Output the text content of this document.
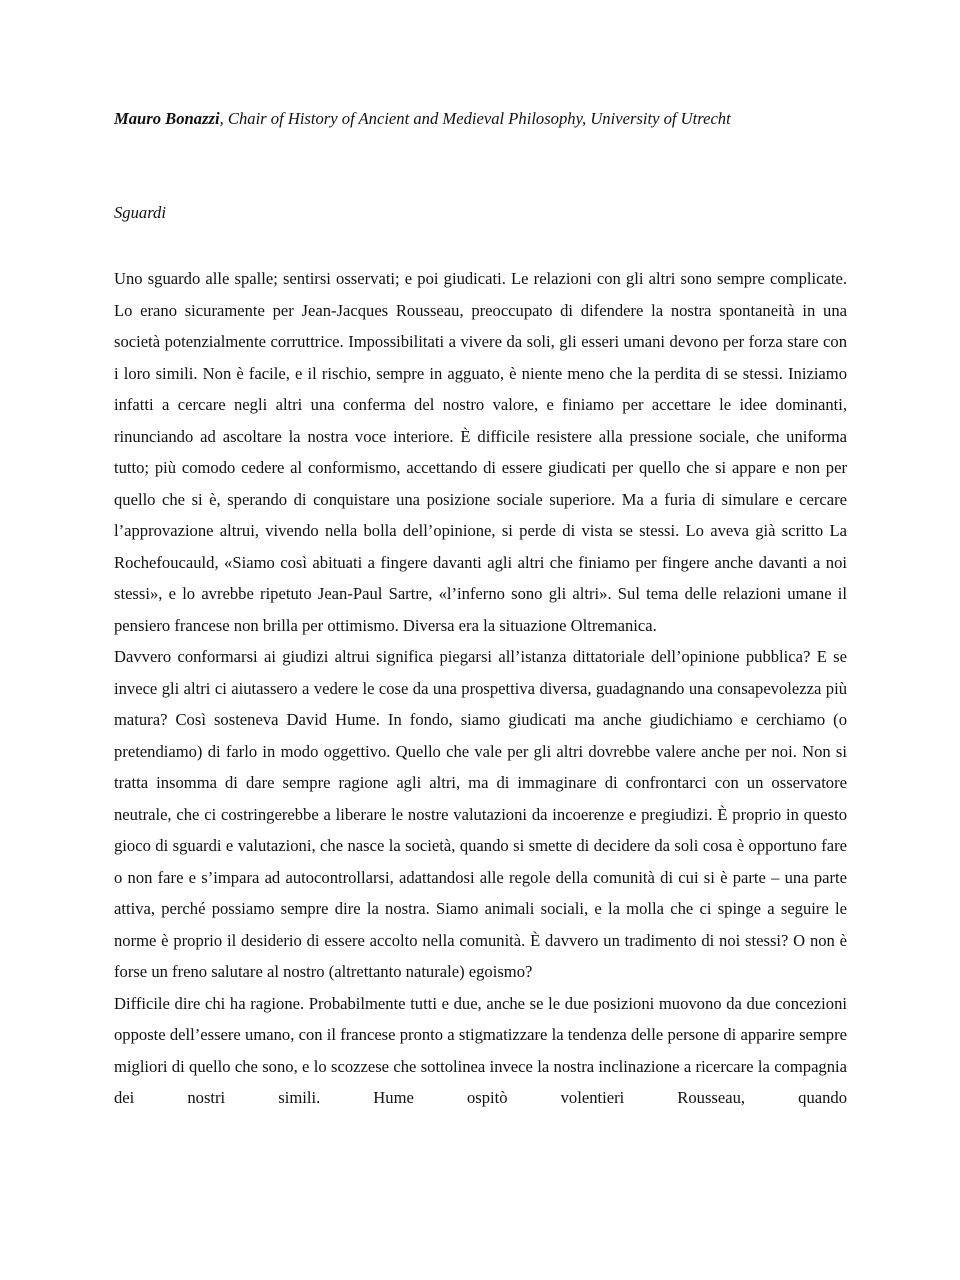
Mauro Bonazzi, Chair of History of Ancient and Medieval Philosophy, University of Utrecht
Sguardi

Uno sguardo alle spalle; sentirsi osservati; e poi giudicati. Le relazioni con gli altri sono sempre complicate. Lo erano sicuramente per Jean-Jacques Rousseau, preoccupato di difendere la nostra spontaneità in una società potenzialmente corruttrice. Impossibilitati a vivere da soli, gli esseri umani devono per forza stare con i loro simili. Non è facile, e il rischio, sempre in agguato, è niente meno che la perdita di se stessi. Iniziamo infatti a cercare negli altri una conferma del nostro valore, e finiamo per accettare le idee dominanti, rinunciando ad ascoltare la nostra voce interiore. È difficile resistere alla pressione sociale, che uniforma tutto; più comodo cedere al conformismo, accettando di essere giudicati per quello che si appare e non per quello che si è, sperando di conquistare una posizione sociale superiore. Ma a furia di simulare e cercare l’approvazione altrui, vivendo nella bolla dell’opinione, si perde di vista se stessi. Lo aveva già scritto La Rochefoucauld, «Siamo così abituati a fingere davanti agli altri che finiamo per fingere anche davanti a noi stessi», e lo avrebbe ripetuto Jean-Paul Sartre, «l’inferno sono gli altri». Sul tema delle relazioni umane il pensiero francese non brilla per ottimismo. Diversa era la situazione Oltremanica.

Davvero conformarsi ai giudizi altrui significa piegarsi all’istanza dittatoriale dell’opinione pubblica? E se invece gli altri ci aiutassero a vedere le cose da una prospettiva diversa, guadagnando una consapevolezza più matura? Così sosteneva David Hume. In fondo, siamo giudicati ma anche giudichiamo e cerchiamo (o pretendiamo) di farlo in modo oggettivo. Quello che vale per gli altri dovrebbe valere anche per noi. Non si tratta insomma di dare sempre ragione agli altri, ma di immaginare di confrontarci con un osservatore neutrale, che ci costringerebbe a liberare le nostre valutazioni da incoerenze e pregiudizi. È proprio in questo gioco di sguardi e valutazioni, che nasce la società, quando si smette di decidere da soli cosa è opportuno fare o non fare e s’impara ad autocontrollarsi, adattandosi alle regole della comunità di cui si è parte – una parte attiva, perché possiamo sempre dire la nostra. Siamo animali sociali, e la molla che ci spinge a seguire le norme è proprio il desiderio di essere accolto nella comunità. È davvero un tradimento di noi stessi? O non è forse un freno salutare al nostro (altrettanto naturale) egoismo?

Difficile dire chi ha ragione. Probabilmente tutti e due, anche se le due posizioni muovono da due concezioni opposte dell’essere umano, con il francese pronto a stigmatizzare la tendenza delle persone di apparire sempre migliori di quello che sono, e lo scozzese che sottolinea invece la nostra inclinazione a ricercare la compagnia dei nostri simili. Hume ospitò volentieri Rousseau, quando
